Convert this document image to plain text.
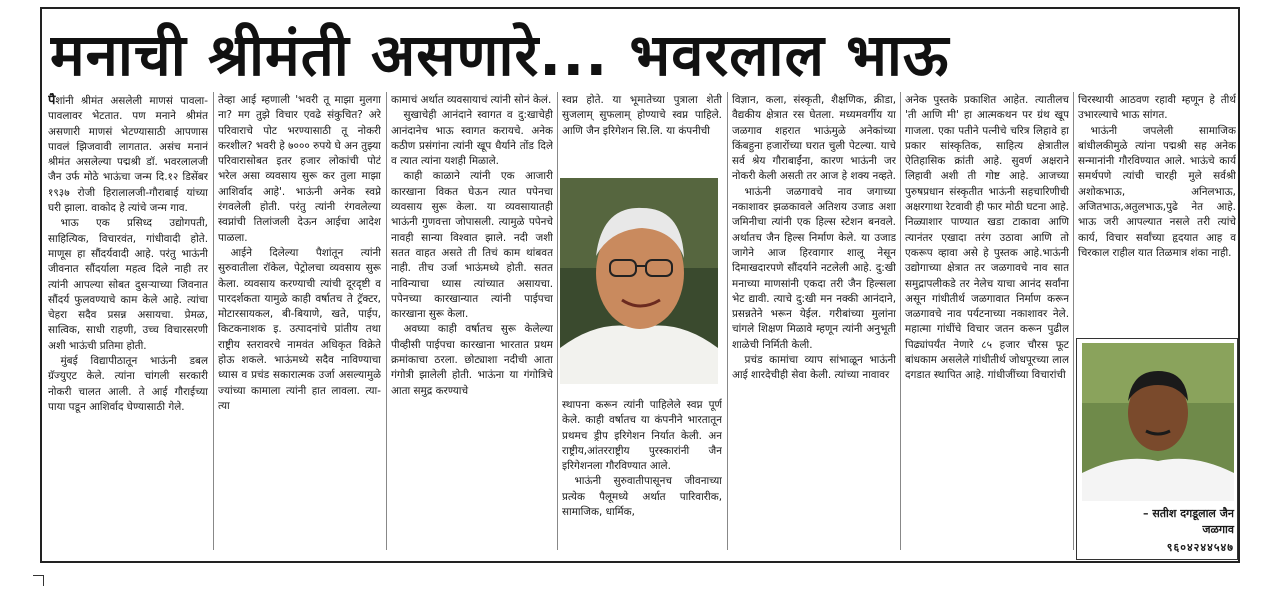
मनाची श्रीमंती असणारे... भवरलाल भाऊ

पैशांनी श्रीमंत असलेली माणसं पावला-पावलावर भेटतात. पण मनाने श्रीमंत असणारी माणसं भेटण्यासाठी आपणास पावलं झिजवावी लागतात. असंच मनानं श्रीमंत असलेल्या पद्मश्री डॉ. भवरलालजी जैन उर्फ मोठे भाऊंचा जन्म दि.१२ डिसेंबर १९३७ रोजी हिरालालजी-गौराबाई यांच्या घरी झाला. वाकोद हे त्यांचे जन्म गाव.

भाऊ एक प्रसिध्द उद्योगपती, साहित्यिक, विचारवंत, गांधीवादी होते. माणूस हा सौंदर्यवादी आहे. परंतु भाऊंनी जीवनात सौंदर्याला महत्व दिले नाही तर त्यांनी आपल्या सोबत दुसऱ्याच्या जिवनात सौंदर्य फुलवण्याचे काम केले आहे. त्यांचा चेहरा सदैव प्रसन्न असायचा. प्रेमळ, सात्विक, साधी राहणी, उच्च विचारसरणी अशी भाऊंची प्रतिमा होती.

मुंबई विद्यापीठातून भाऊंनी डबल ग्रॅज्युएट केले. त्यांना चांगली सरकारी नोकरी चालत आली. ते आई गौराईच्या पाया पडून आशिर्वाद घेण्यासाठी गेले.

तेव्हा आई म्हणाली 'भवरी तू माझा मुलगा ना? मग तुझे विचार एवढे संकुचित? अरे परिवाराचे पोट भरण्यासाठी तू नोकरी करशील? भवरी हे ७००० रुपये घे अन तुझ्या परिवारासोबत इतर हजार लोकांची पोटं भरेल असा व्यवसाय सुरू कर तुला माझा आशिर्वाद आहे'. भाऊंनी अनेक स्वप्ने रंगवलेली होती. परंतु त्यांनी रंगवलेल्या स्वप्नांची तिलांजली देऊन आईचा आदेश पाळला.

आईने दिलेल्या पैशांतून त्यांनी सुरुवातीला रॉकेल, पेट्रोलचा व्यवसाय सुरू केला. व्यवसाय करण्याची त्यांची दूरदृष्टी व पारदर्शकता यामुळे काही वर्षातच ते ट्रॅक्टर, मोटारसायकल, बी-बियाणे, खते, पाईप, किटकनाशक इ. उत्पादनांचे प्रांतीय तथा राष्ट्रीय स्तरावरचे नामवंत अधिकृत विक्रेते होऊ शकले. भाऊंमध्ये सदैव नाविण्याचा ध्यास व प्रचंड सकारात्मक उर्जा असल्यामुळे ज्यांच्या कामाला त्यांनी हात लावला. त्या-त्या

कामाचं अर्थात व्यवसायाचं त्यांनी सोनं केलं.

सुखाचेही आनंदाने स्वागत व दु:खाचेही आनंदानेच भाऊ स्वागत करायचे. अनेक कठीण प्रसंगांना त्यांनी खूप धैर्याने तोंड दिले व त्यात त्यांना यशही मिळाले.

काही काळाने त्यांनी एक आजारी कारखाना विकत घेऊन त्यात पपेनचा व्यवसाय सुरू केला. या व्यवसायातही भाऊंनी गुणवत्ता जोपासली. त्यामुळे पपेनचे नावही सान्या विश्वात झाले. नदी जशी सतत वाहत असते ती तिचं काम थांबवत नाही. तीच उर्जा भाऊंमध्ये होती. सतत नाविन्याचा ध्यास त्यांच्यात असायचा. पपेनच्या कारखान्यात त्यांनी पाईपचा कारखाना सुरू केला.

अवघ्या काही वर्षातच सुरू केलेल्या पीव्हीसी पाईपचा कारखाना भारतात प्रथम क्रमांकाचा ठरला. छोट्याशा नदीची आता गंगोत्री झालेली होती. भाऊंना या गंगोत्रिचे आता समुद्र करण्याचे

स्वप्न होते. या भूमातेच्या पुत्राला शेती सुजलाम् सुफलाम् होण्याचे स्वप्न पाहिले. आणि जैन इरिगेशन सि.लि. या कंपनीची

स्थापना करून त्यांनी पाहिलेले स्वप्न पूर्ण केले. काही वर्षातच या कंपनीने भारतातून प्रथमच ड्रीप इरिगेशन निर्यात केली. अन राष्ट्रीय,आंतरराष्ट्रीय पुरस्कारांनी जैन इरिगेशनला गौरविण्यात आले.

भाऊंनी सुरुवातीपासूनच जीवनाच्या प्रत्येक पैलूमध्ये अर्थात पारिवारीक, सामाजिक, धार्मिक,

विज्ञान, कला, संस्कृती, शैक्षणिक, क्रीडा, वैद्यकीय क्षेत्रात रस घेतला. मध्यमवर्गीय या जळगाव शहरात भाऊंमुळे अनेकांच्या किंबहुना हजारोंच्या घरात चुली पेटल्या. याचे सर्व श्रेय गौराबाईंना, कारण भाऊंनी जर नोकरी केली असती तर आज हे शक्य नव्हते.

भाऊंनी जळगावचे नाव जगाच्या नकाशावर झळकावले अतिशय उजाड अशा जमिनीचा त्यांनी एक हिल्स स्टेशन बनवले. अर्थातच जैन हिल्स निर्माण केले. या उजाड जागेने आज हिरवागार शालू नेसून दिमाखदारपणे सौंदर्याने नटलेली आहे. दु:खी मनाच्या माणसांनी एकदा तरी जैन हिल्सला भेट द्यावी. त्याचे दु:खी मन नक्की आनंदाने, प्रसन्नतेने भरून येईल. गरीबांच्या मुलांना चांगले शिक्षण मिळावे म्हणून त्यांनी अनुभूती शाळेची निर्मिती केली.

प्रचंड कामांचा व्याप सांभाळून भाऊंनी आई शारदेचीही सेवा केली. त्यांच्या नावावर

अनेक पुस्तके प्रकाशित आहेत. त्यातीलच 'ती आणि मी' हा आत्मकथन पर ग्रंथ खूप गाजला. एका पतीने पत्नीचे चरित्र लिहावे हा प्रकार सांस्कृतिक, साहित्य क्षेत्रातील ऐतिहासिक क्रांती आहे. सुवर्ण अक्षराने लिहावी अशी ती गोष्ट आहे. आजच्या पुरुषप्रधान संस्कृतीत भाऊंनी सहचारिणीची अक्षरगाथा रेटवावी ही फार मोठी घटना आहे. निळ्याशार पाण्यात खडा टाकावा आणि त्यानंतर एखादा तरंग उठावा आणि तो एकरूप व्हावा असे हे पुस्तक आहे.भाऊंनी उद्योगाच्या क्षेत्रात तर जळगावचे नाव सात समुद्रापलीकडे तर नेलेच याचा आनंद सर्वांना असून गांधीतीर्थ जळगावात निर्माण करून जळगावचे नाव पर्यटनाच्या नकाशावर नेले. महात्मा गांधींचे विचार जतन करून पुढील पिढ्यांपर्यंत नेणारे ८५ हजार चौरस फूट बांधकाम असलेले गांधीतीर्थ जोधपूरच्या लाल दगडात स्थापित आहे. गांधीजींच्या विचारांची

चिरस्थायी आठवण रहावी म्हणून हे तीर्थ उभारल्याचे भाऊ सांगत.

भाऊंनी जपलेली सामाजिक बांधीलकीमुळे त्यांना पद्मश्री सह अनेक सन्मानांनी गौरविण्यात आले. भाऊंचे कार्य समर्थपणे त्यांची चारही मुले सर्वश्री अशोकभाऊ, अनिलभाऊ, अजितभाऊ,अतुलभाऊ,पुढे नेत आहे. भाऊ जरी आपल्यात नसले तरी त्यांचे कार्य, विचार सर्वांच्या हृदयात आह व चिरकाल राहील यात तिळमात्र शंका नाही.

– सतीश दगडूलाल जैन
जळगाव
९६०४२४४५४७
